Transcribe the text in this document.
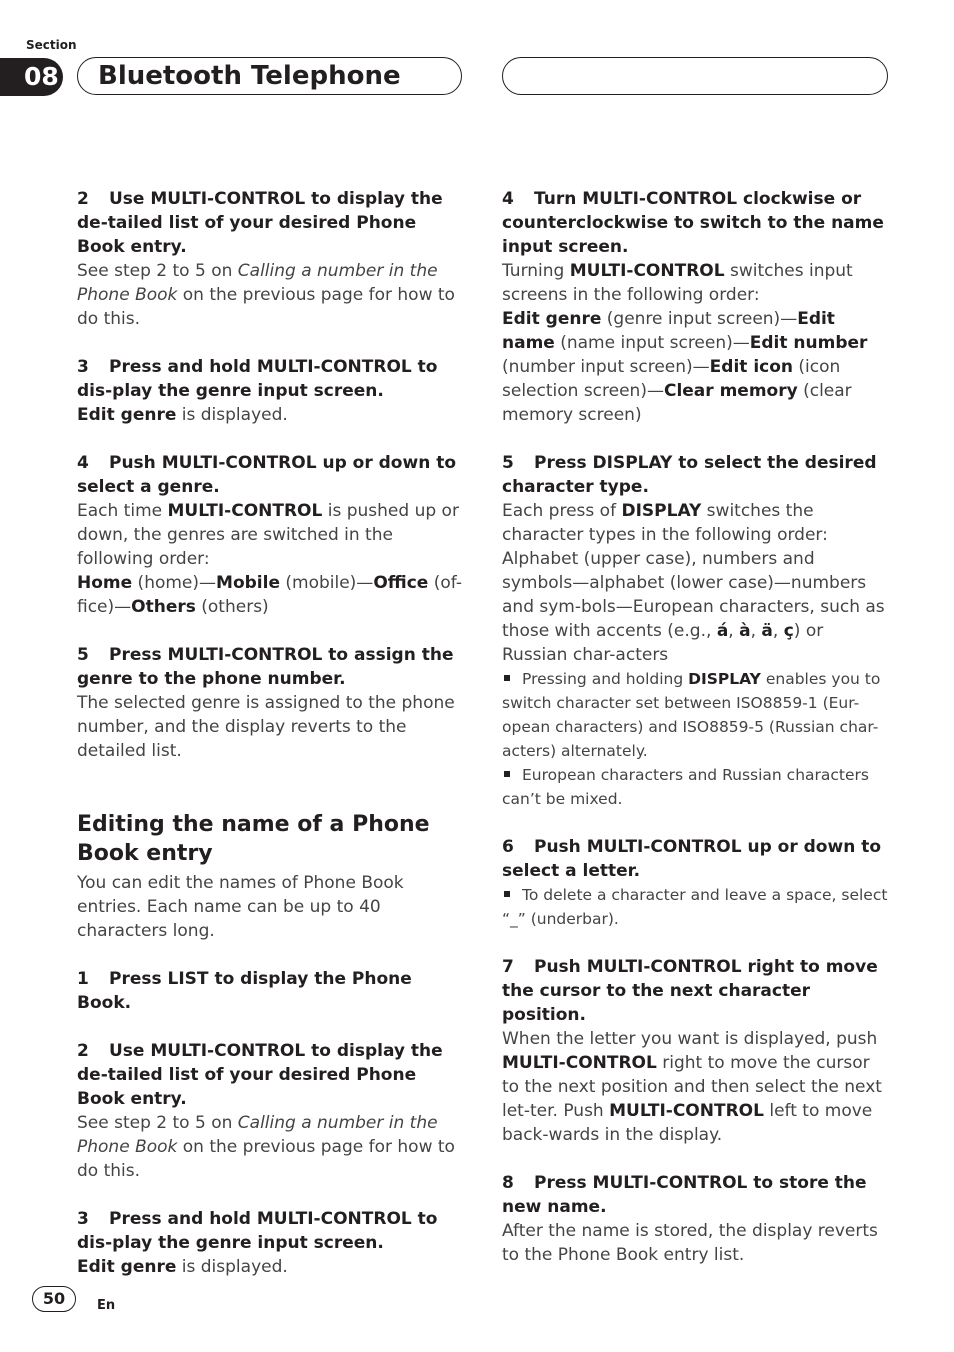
Section
08 Bluetooth Telephone

2 Use MULTI-CONTROL to display the de-tailed list of your desired Phone Book entry.

See step 2 to 5 on Calling a number in the Phone Book on the previous page for how to do this.

3 Press and hold MULTI-CONTROL to dis-play the genre input screen.

Edit genre is displayed.

4 Push MULTI-CONTROL up or down to select a genre.

Each time MULTI-CONTROL is pushed up or down, the genres are switched in the following order:

Home (home)—Mobile (mobile)—Office (of-fice)—Others (others)

5 Press MULTI-CONTROL to assign the genre to the phone number.

The selected genre is assigned to the phone number, and the display reverts to the detailed list.

Editing the name of a Phone Book entry

You can edit the names of Phone Book entries. Each name can be up to 40 characters long.

1 Press LIST to display the Phone Book.

2 Use MULTI-CONTROL to display the de-tailed list of your desired Phone Book entry.

See step 2 to 5 on Calling a number in the Phone Book on the previous page for how to do this.

3 Press and hold MULTI-CONTROL to dis-play the genre input screen.

Edit genre is displayed.

4 Turn MULTI-CONTROL clockwise or counterclockwise to switch to the name input screen.

Turning MULTI-CONTROL switches input screens in the following order:

Edit genre (genre input screen)—Edit name (name input screen)—Edit number (number input screen)—Edit icon (icon selection screen)—Clear memory (clear memory screen)

5 Press DISPLAY to select the desired character type.

Each press of DISPLAY switches the character types in the following order:

Alphabet (upper case), numbers and symbols—alphabet (lower case)—numbers and sym-bols—European characters, such as those with accents (e.g., á, à, ä, ç) or Russian char-acters

Pressing and holding DISPLAY enables you to switch character set between ISO8859-1 (Eur-opean characters) and ISO8859-5 (Russian char-acters) alternately.

European characters and Russian characters can’t be mixed.

6 Push MULTI-CONTROL up or down to select a letter.

To delete a character and leave a space, select “_” (underbar).

7 Push MULTI-CONTROL right to move the cursor to the next character position.

When the letter you want is displayed, push MULTI-CONTROL right to move the cursor to the next position and then select the next let-ter. Push MULTI-CONTROL left to move back-wards in the display.

8 Press MULTI-CONTROL to store the new name.

After the name is stored, the display reverts to the Phone Book entry list.

50	En
